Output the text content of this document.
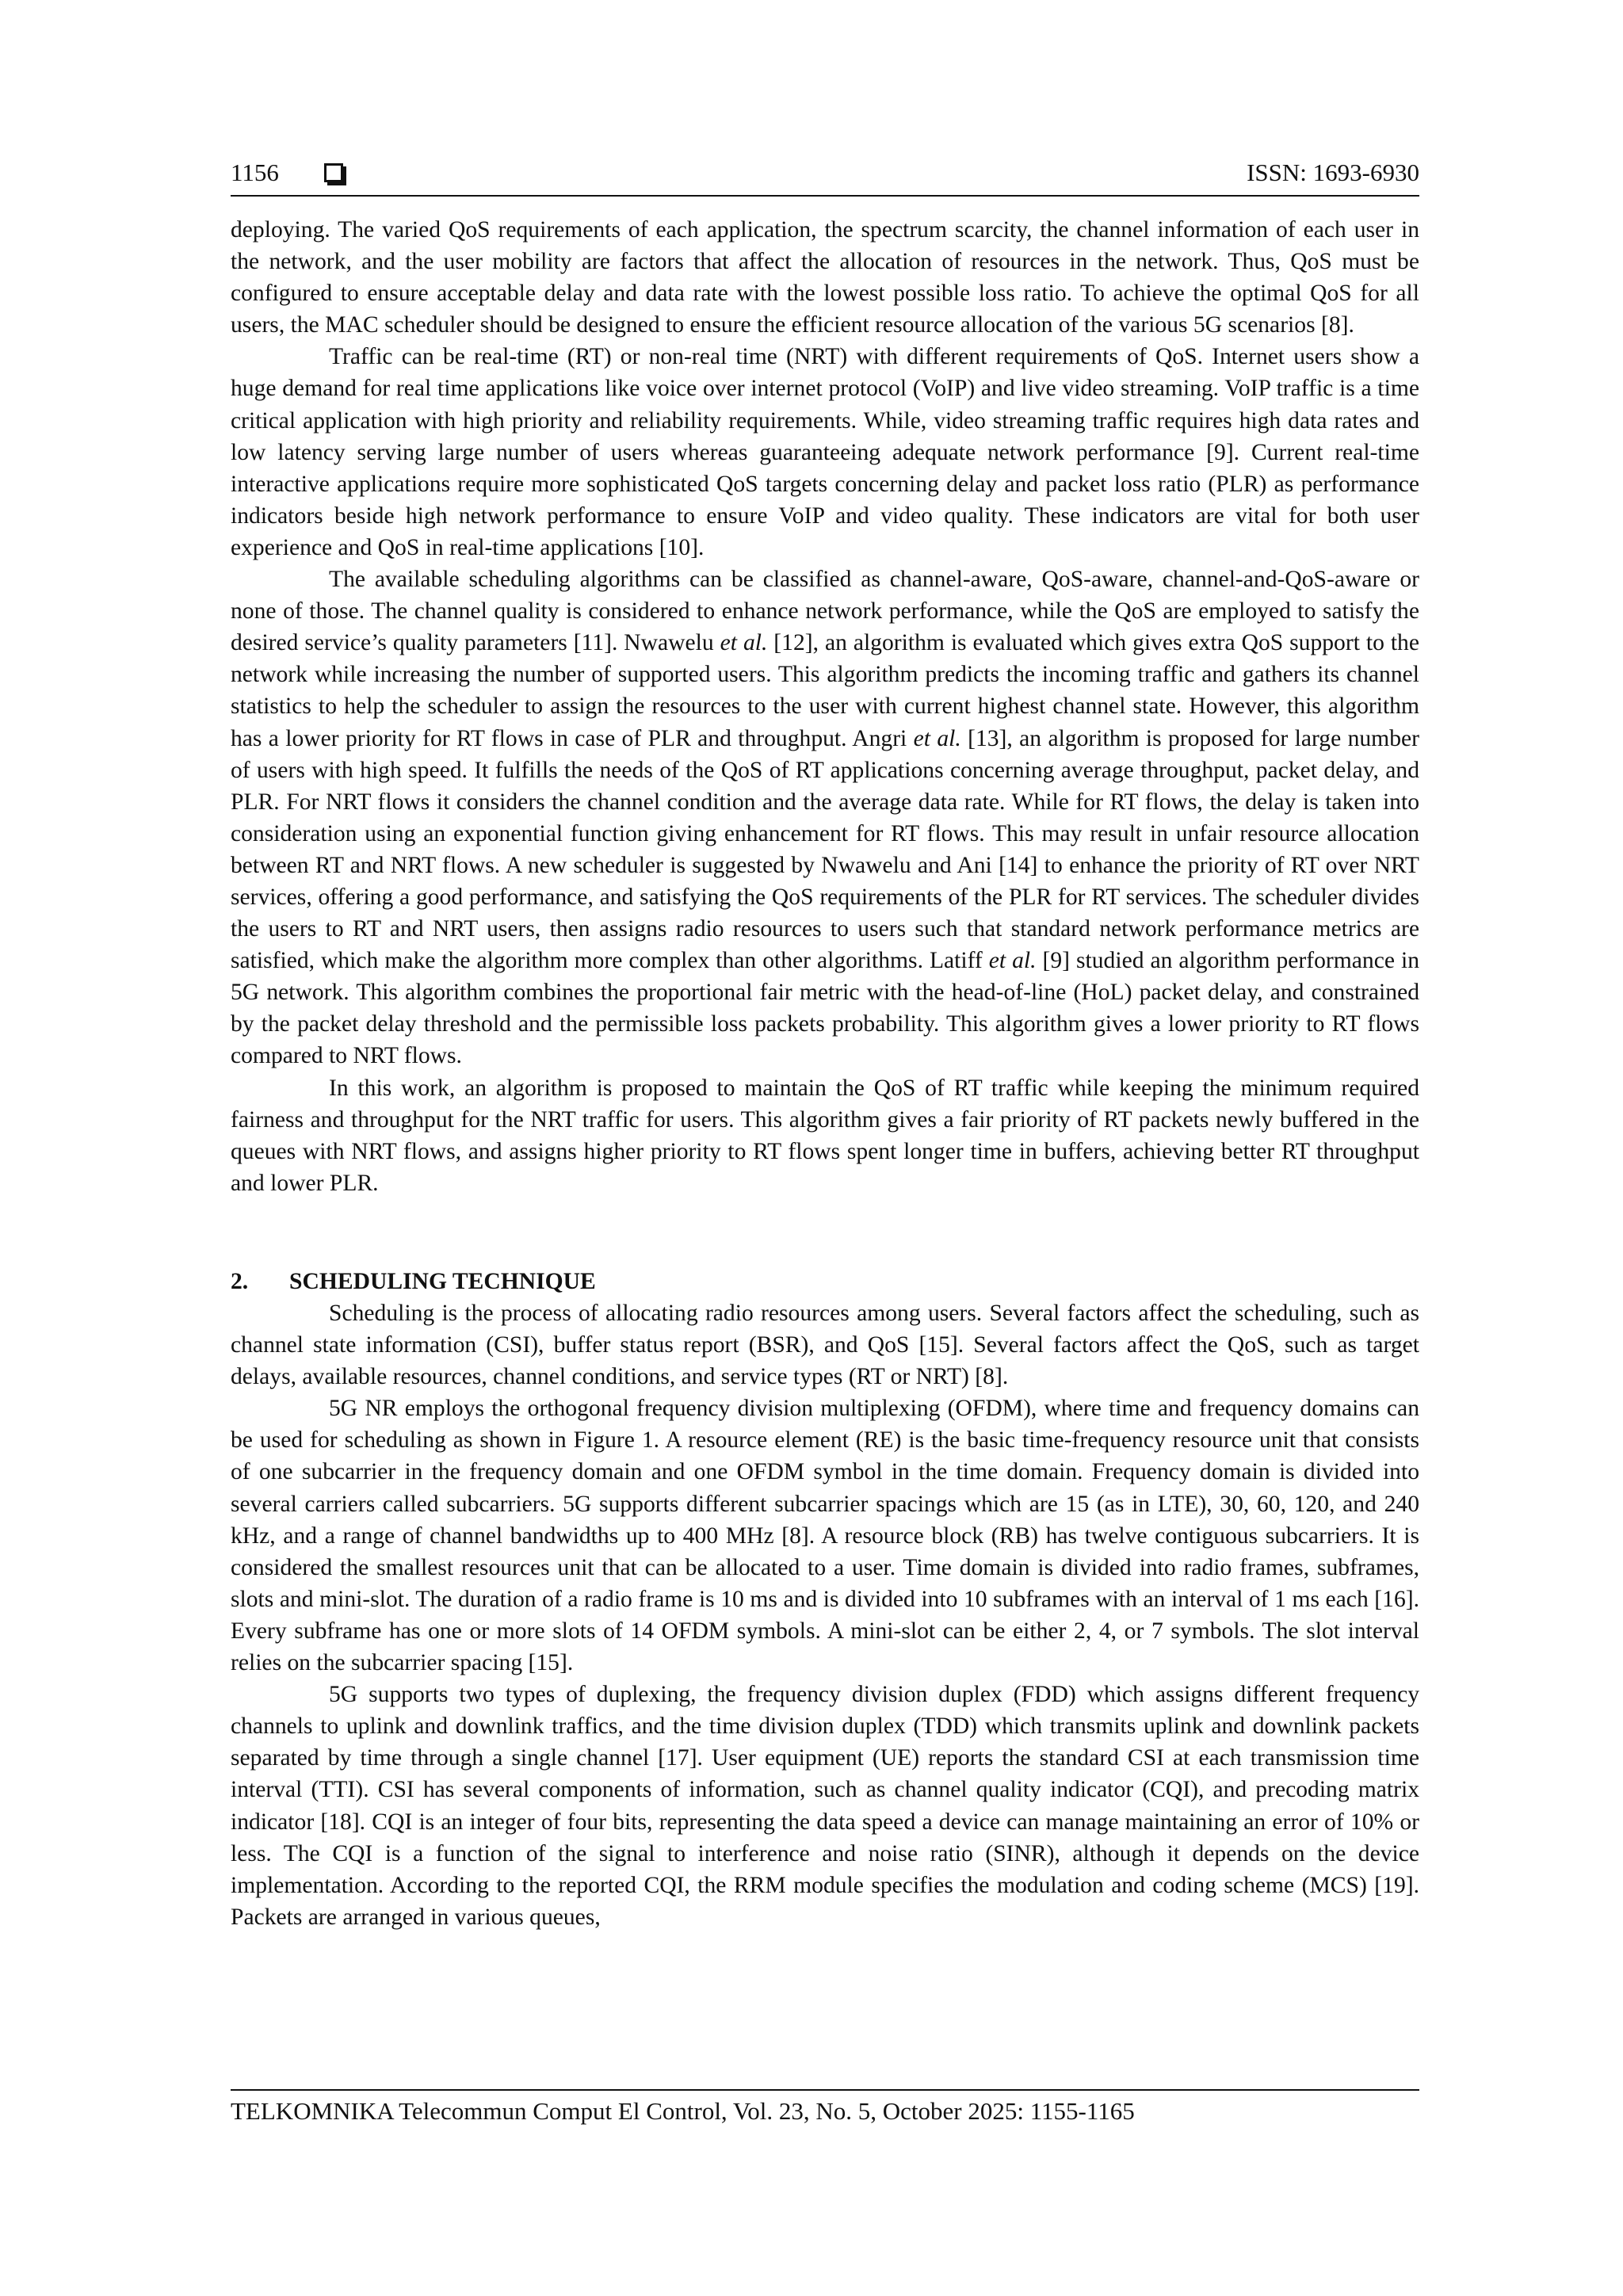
1156	ISSN: 1693-6930

deploying. The varied QoS requirements of each application, the spectrum scarcity, the channel information of each user in the network, and the user mobility are factors that affect the allocation of resources in the network. Thus, QoS must be configured to ensure acceptable delay and data rate with the lowest possible loss ratio. To achieve the optimal QoS for all users, the MAC scheduler should be designed to ensure the efficient resource allocation of the various 5G scenarios [8].

Traffic can be real-time (RT) or non-real time (NRT) with different requirements of QoS. Internet users show a huge demand for real time applications like voice over internet protocol (VoIP) and live video streaming. VoIP traffic is a time critical application with high priority and reliability requirements. While, video streaming traffic requires high data rates and low latency serving large number of users whereas guaranteeing adequate network performance [9]. Current real-time interactive applications require more sophisticated QoS targets concerning delay and packet loss ratio (PLR) as performance indicators beside high network performance to ensure VoIP and video quality. These indicators are vital for both user experience and QoS in real-time applications [10].

The available scheduling algorithms can be classified as channel-aware, QoS-aware, channel-and-QoS-aware or none of those. The channel quality is considered to enhance network performance, while the QoS are employed to satisfy the desired service’s quality parameters [11]. Nwawelu et al. [12], an algorithm is evaluated which gives extra QoS support to the network while increasing the number of supported users. This algorithm predicts the incoming traffic and gathers its channel statistics to help the scheduler to assign the resources to the user with current highest channel state. However, this algorithm has a lower priority for RT flows in case of PLR and throughput. Angri et al. [13], an algorithm is proposed for large number of users with high speed. It fulfills the needs of the QoS of RT applications concerning average throughput, packet delay, and PLR. For NRT flows it considers the channel condition and the average data rate. While for RT flows, the delay is taken into consideration using an exponential function giving enhancement for RT flows. This may result in unfair resource allocation between RT and NRT flows. A new scheduler is suggested by Nwawelu and Ani [14] to enhance the priority of RT over NRT services, offering a good performance, and satisfying the QoS requirements of the PLR for RT services. The scheduler divides the users to RT and NRT users, then assigns radio resources to users such that standard network performance metrics are satisfied, which make the algorithm more complex than other algorithms. Latiff et al. [9] studied an algorithm performance in 5G network. This algorithm combines the proportional fair metric with the head-of-line (HoL) packet delay, and constrained by the packet delay threshold and the permissible loss packets probability. This algorithm gives a lower priority to RT flows compared to NRT flows.

In this work, an algorithm is proposed to maintain the QoS of RT traffic while keeping the minimum required fairness and throughput for the NRT traffic for users. This algorithm gives a fair priority of RT packets newly buffered in the queues with NRT flows, and assigns higher priority to RT flows spent longer time in buffers, achieving better RT throughput and lower PLR.

2. SCHEDULING TECHNIQUE

Scheduling is the process of allocating radio resources among users. Several factors affect the scheduling, such as channel state information (CSI), buffer status report (BSR), and QoS [15]. Several factors affect the QoS, such as target delays, available resources, channel conditions, and service types (RT or NRT) [8].

5G NR employs the orthogonal frequency division multiplexing (OFDM), where time and frequency domains can be used for scheduling as shown in Figure 1. A resource element (RE) is the basic time-frequency resource unit that consists of one subcarrier in the frequency domain and one OFDM symbol in the time domain. Frequency domain is divided into several carriers called subcarriers. 5G supports different subcarrier spacings which are 15 (as in LTE), 30, 60, 120, and 240 kHz, and a range of channel bandwidths up to 400 MHz [8]. A resource block (RB) has twelve contiguous subcarriers. It is considered the smallest resources unit that can be allocated to a user. Time domain is divided into radio frames, subframes, slots and mini-slot. The duration of a radio frame is 10 ms and is divided into 10 subframes with an interval of 1 ms each [16]. Every subframe has one or more slots of 14 OFDM symbols. A mini-slot can be either 2, 4, or 7 symbols. The slot interval relies on the subcarrier spacing [15].

5G supports two types of duplexing, the frequency division duplex (FDD) which assigns different frequency channels to uplink and downlink traffics, and the time division duplex (TDD) which transmits uplink and downlink packets separated by time through a single channel [17]. User equipment (UE) reports the standard CSI at each transmission time interval (TTI). CSI has several components of information, such as channel quality indicator (CQI), and precoding matrix indicator [18]. CQI is an integer of four bits, representing the data speed a device can manage maintaining an error of 10% or less. The CQI is a function of the signal to interference and noise ratio (SINR), although it depends on the device implementation. According to the reported CQI, the RRM module specifies the modulation and coding scheme (MCS) [19]. Packets are arranged in various queues,

TELKOMNIKA Telecommun Comput El Control, Vol. 23, No. 5, October 2025: 1155-1165
